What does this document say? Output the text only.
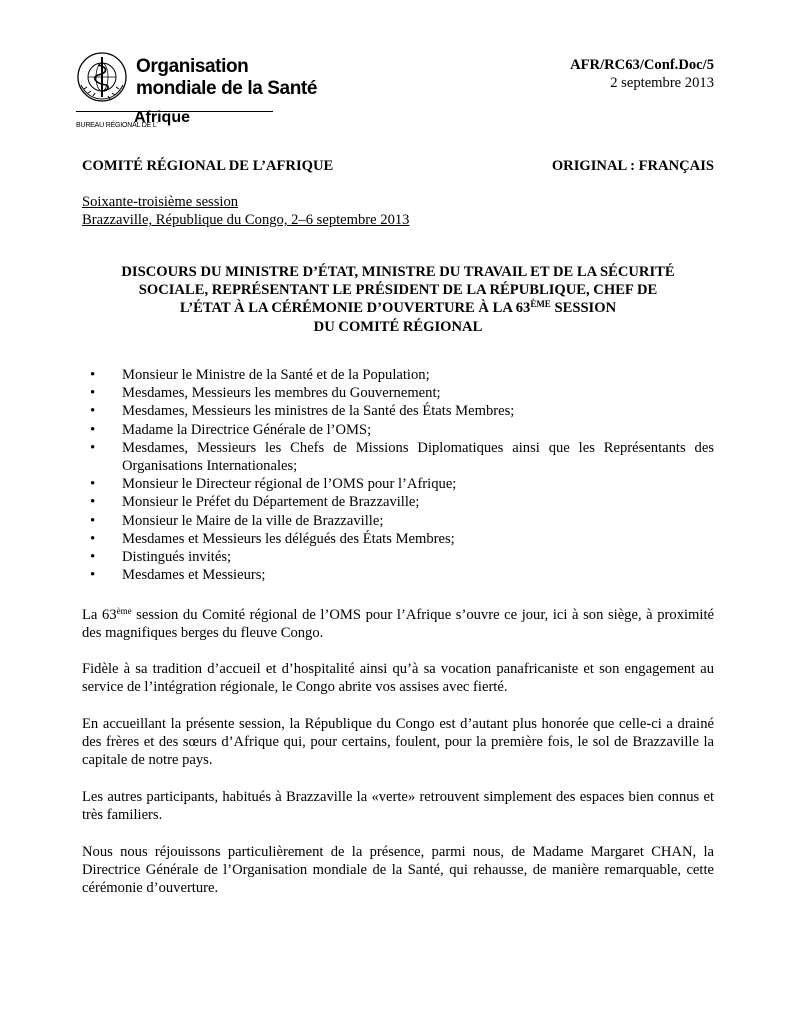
Organisation
mondiale de la Santé
BUREAU RÉGIONAL DE L'
Afrique
AFR/RC63/Conf.Doc/5
2 septembre 2013
COMITÉ RÉGIONAL DE L’AFRIQUE	ORIGINAL : FRANÇAIS
Soixante-troisième session
Brazzaville, République du Congo, 2–6 septembre 2013
DISCOURS DU MINISTRE D’ÉTAT, MINISTRE DU TRAVAIL ET DE LA SÉCURITÉ
SOCIALE, REPRÉSENTANT LE PRÉSIDENT DE LA RÉPUBLIQUE, CHEF DE
L’ÉTAT À LA CÉRÉMONIE D’OUVERTURE À LA 63ÈME SESSION
DU COMITÉ RÉGIONAL
• Monsieur le Ministre de la Santé et de la Population;
• Mesdames, Messieurs les membres du Gouvernement;
• Mesdames, Messieurs les ministres de la Santé des États Membres;
• Madame la Directrice Générale de l’OMS;
• Mesdames, Messieurs les Chefs de Missions Diplomatiques ainsi que les Représentants des Organisations Internationales;
• Monsieur le Directeur régional de l’OMS pour l’Afrique;
• Monsieur le Préfet du Département de Brazzaville;
• Monsieur le Maire de la ville de Brazzaville;
• Mesdames et Messieurs les délégués des États Membres;
• Distingués invités;
• Mesdames et Messieurs;

La 63ème session du Comité régional de l’OMS pour l’Afrique s’ouvre ce jour, ici à son siège, à proximité des magnifiques berges du fleuve Congo.

Fidèle à sa tradition d’accueil et d’hospitalité ainsi qu’à sa vocation panafricaniste et son engagement au service de l’intégration régionale, le Congo abrite vos assises avec fierté.

En accueillant la présente session, la République du Congo est d’autant plus honorée que celle-ci a drainé des frères et des sœurs d’Afrique qui, pour certains, foulent, pour la première fois, le sol de Brazzaville la capitale de notre pays.

Les autres participants, habitués à Brazzaville la «verte» retrouvent simplement des espaces bien connus et très familiers.

Nous nous réjouissons particulièrement de la présence, parmi nous, de Madame Margaret CHAN, la Directrice Générale de l’Organisation mondiale de la Santé, qui rehausse, de manière remarquable, cette cérémonie d’ouverture.
